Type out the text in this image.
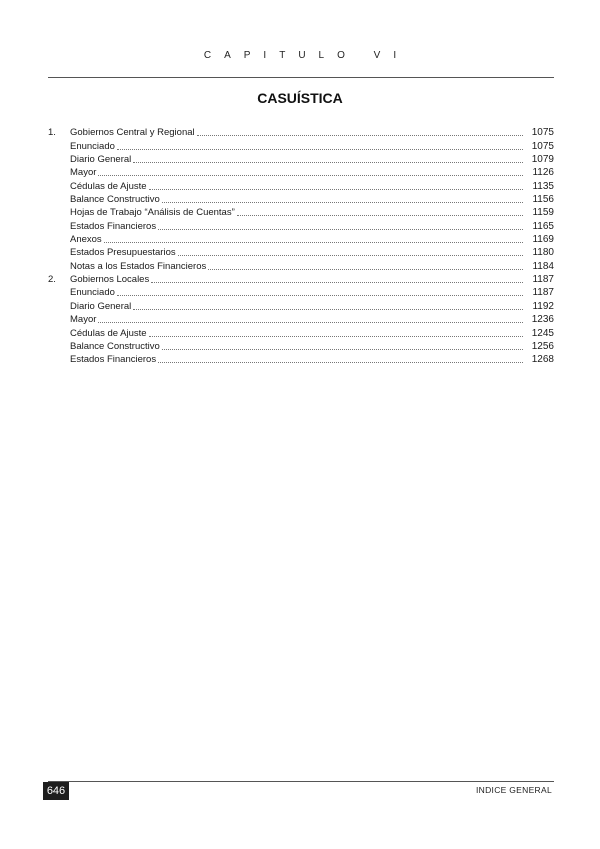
CAPITULO VI
CASUÍSTICA
1.	Gobiernos Central y Regional	1075
Enunciado	1075
Diario General	1079
Mayor	1126
Cédulas de Ajuste	1135
Balance Constructivo	1156
Hojas de Trabajo “Análisis de Cuentas”	1159
Estados Financieros	1165
Anexos	1169
Estados Presupuestarios	1180
Notas a los Estados Financieros	1184
2.	Gobiernos Locales	1187
Enunciado	1187
Diario General	1192
Mayor	1236
Cédulas de Ajuste	1245
Balance Constructivo	1256
Estados Financieros	1268
646	INDICE GENERAL
